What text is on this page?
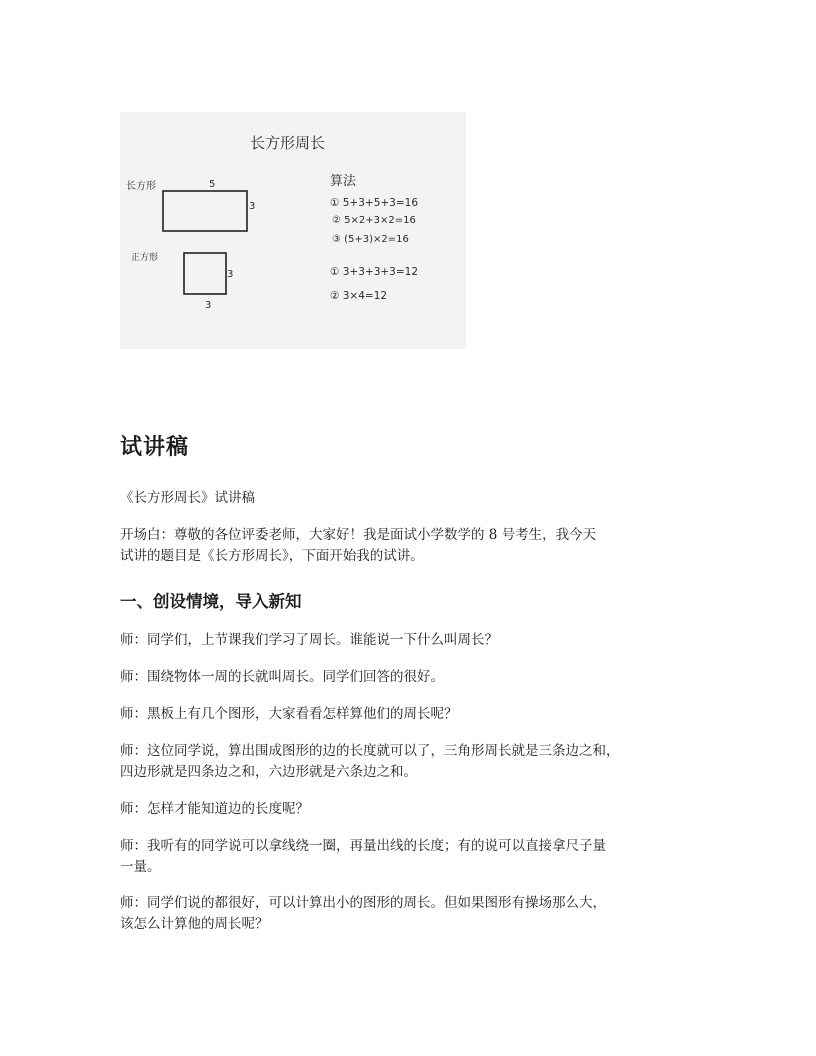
长方形周长
长方形	5
3
正方形
3
3
算法
① 5+3+5+3=16
② 5×2+3×2=16
③ (5+3)×2=16
① 3+3+3+3=12
② 3×4=12
试讲稿

《长方形周长》试讲稿

开场白：尊敬的各位评委老师，大家好！我是面试小学数学的 8 号考生，我今天

试讲的题目是《长方形周长》，下面开始我的试讲。

一、创设情境，导入新知

师：同学们，上节课我们学习了周长。谁能说一下什么叫周长？

师：围绕物体一周的长就叫周长。同学们回答的很好。

师：黑板上有几个图形，大家看看怎样算他们的周长呢？

师：这位同学说，算出围成图形的边的长度就可以了，三角形周长就是三条边之和，

四边形就是四条边之和，六边形就是六条边之和。

师：怎样才能知道边的长度呢？

师：我听有的同学说可以拿线绕一圈，再量出线的长度；有的说可以直接拿尺子量

一量。

师：同学们说的都很好，可以计算出小的图形的周长。但如果图形有操场那么大，

该怎么计算他的周长呢？
